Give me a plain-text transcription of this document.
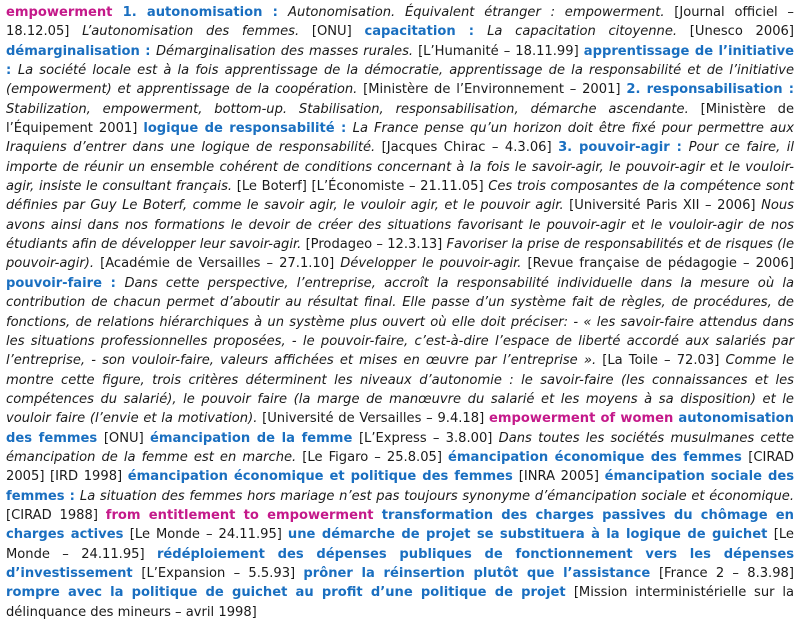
empowerment 1. autonomisation : Autonomisation. Équivalent étranger : empowerment. [Journal officiel – 18.12.05] L’autonomisation des femmes. [ONU] capacitation : La capacitation citoyenne. [Unesco 2006] démarginalisation : Démarginalisation des masses rurales. [L’Humanité – 18.11.99] apprentissage de l’initiative : La société locale est à la fois apprentissage de la démocratie, apprentissage de la responsabilité et de l’initiative (empowerment) et apprentissage de la coopération. [Ministère de l’Environnement – 2001] 2. responsabilisation : Stabilization, empowerment, bottom-up. Stabilisation, responsabilisation, démarche ascendante. [Ministère de l’Équipement 2001] logique de responsabilité : La France pense qu’un horizon doit être fixé pour permettre aux Iraquiens d’entrer dans une logique de responsabilité. [Jacques Chirac – 4.3.06] 3. pouvoir-agir : Pour ce faire, il importe de réunir un ensemble cohérent de conditions concernant à la fois le savoir-agir, le pouvoir-agir et le vouloir-agir, insiste le consultant français. [Le Boterf] [L’Économiste – 21.11.05] Ces trois composantes de la compétence sont définies par Guy Le Boterf, comme le savoir agir, le vouloir agir, et le pouvoir agir. [Université Paris XII – 2006] Nous avons ainsi dans nos formations le devoir de créer des situations favorisant le pouvoir-agir et le vouloir-agir de nos étudiants afin de développer leur savoir-agir. [Prodageo – 12.3.13] Favoriser la prise de responsabilités et de risques (le pouvoir-agir). [Académie de Versailles – 27.1.10] Développer le pouvoir-agir. [Revue française de pédagogie – 2006] pouvoir-faire : Dans cette perspective, l’entreprise, accroît la responsabilité individuelle dans la mesure où la contribution de chacun permet d’aboutir au résultat final. Elle passe d’un système fait de règles, de procédures, de fonctions, de relations hiérarchiques à un système plus ouvert où elle doit préciser: - « les savoir-faire attendus dans les situations professionnelles proposées, - le pouvoir-faire, c’est-à-dire l’espace de liberté accordé aux salariés par l’entreprise, - son vouloir-faire, valeurs affichées et mises en œuvre par l’entreprise ». [La Toile – 72.03] Comme le montre cette figure, trois critères déterminent les niveaux d’autonomie : le savoir-faire (les connaissances et les compétences du salarié), le pouvoir faire (la marge de manœuvre du salarié et les moyens à sa disposition) et le vouloir faire (l’envie et la motivation). [Université de Versailles – 9.4.18] empowerment of women autonomisation des femmes [ONU] émancipation de la femme [L’Express – 3.8.00] Dans toutes les sociétés musulmanes cette émancipation de la femme est en marche. [Le Figaro – 25.8.05] émancipation économique des femmes [CIRAD 2005] [IRD 1998] émancipation économique et politique des femmes [INRA 2005] émancipation sociale des femmes : La situation des femmes hors mariage n’est pas toujours synonyme d’émancipation sociale et économique. [CIRAD 1988] from entitlement to empowerment transformation des charges passives du chômage en charges actives [Le Monde – 24.11.95] une démarche de projet se substituera à la logique de guichet [Le Monde – 24.11.95] rédéploiement des dépenses publiques de fonctionnement vers les dépenses d’investissement [L’Expansion – 5.5.93] prôner la réinsertion plutôt que l’assistance [France 2 – 8.3.98] rompre avec la politique de guichet au profit d’une politique de projet [Mission interministérielle sur la délinquance des mineurs – avril 1998]
